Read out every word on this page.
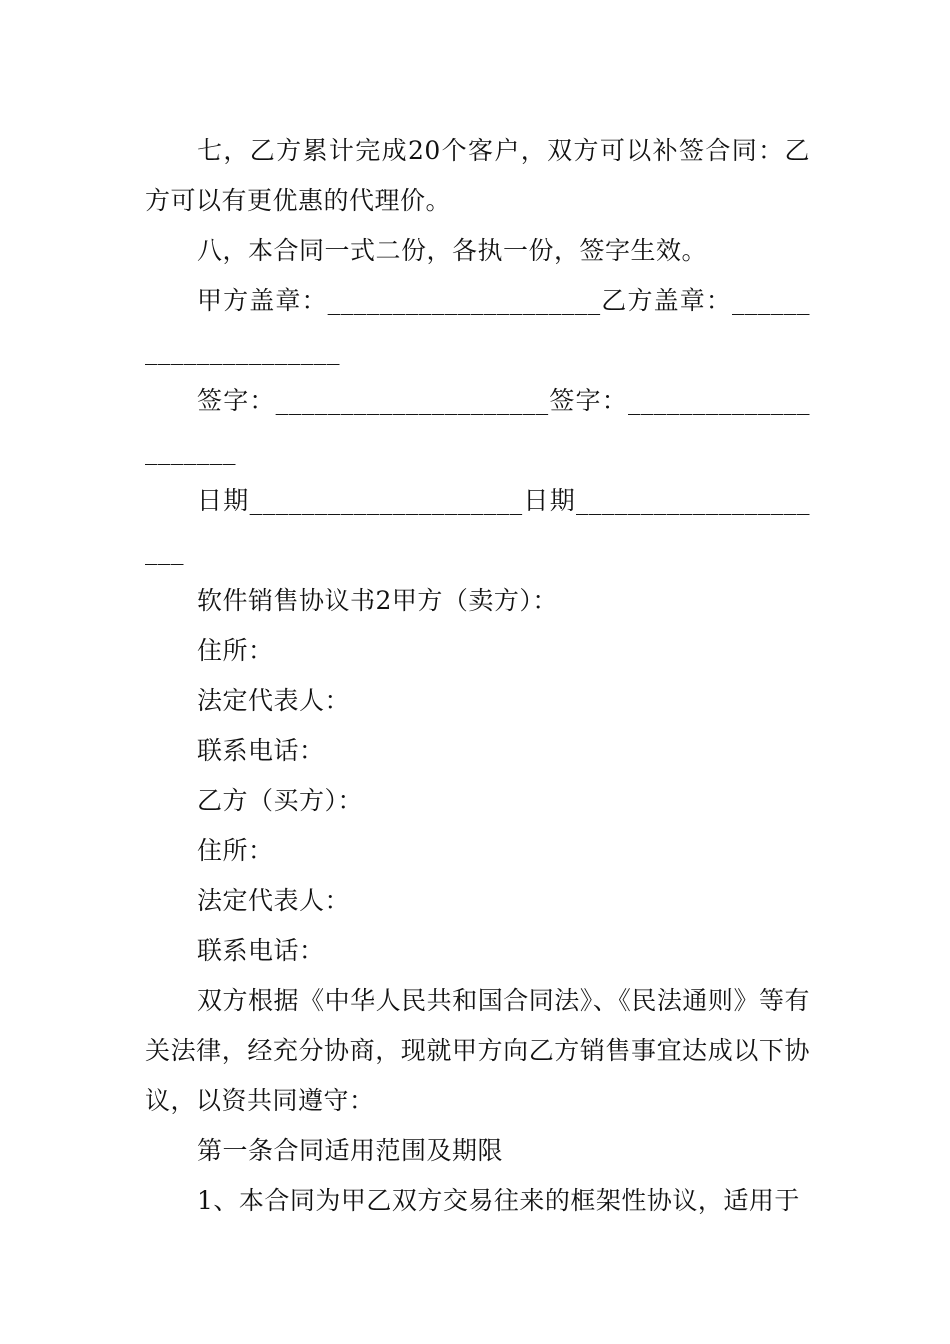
七，乙方累计完成20个客户，双方可以补签合同：乙方可以有更优惠的代理价。

八，本合同一式二份，各执一份，签字生效。

甲方盖章：_____________________乙方盖章：_____________________

签字：_____________________签字：_____________________

日期_____________________日期_____________________

软件销售协议书2甲方（卖方）：

住所：

法定代表人：

联系电话：

乙方（买方）：

住所：

法定代表人：

联系电话：

双方根据《中华人民共和国合同法》、《民法通则》等有关法律，经充分协商，现就甲方向乙方销售事宜达成以下协议，以资共同遵守：

第一条合同适用范围及期限

1、本合同为甲乙双方交易往来的框架性协议，适用于
